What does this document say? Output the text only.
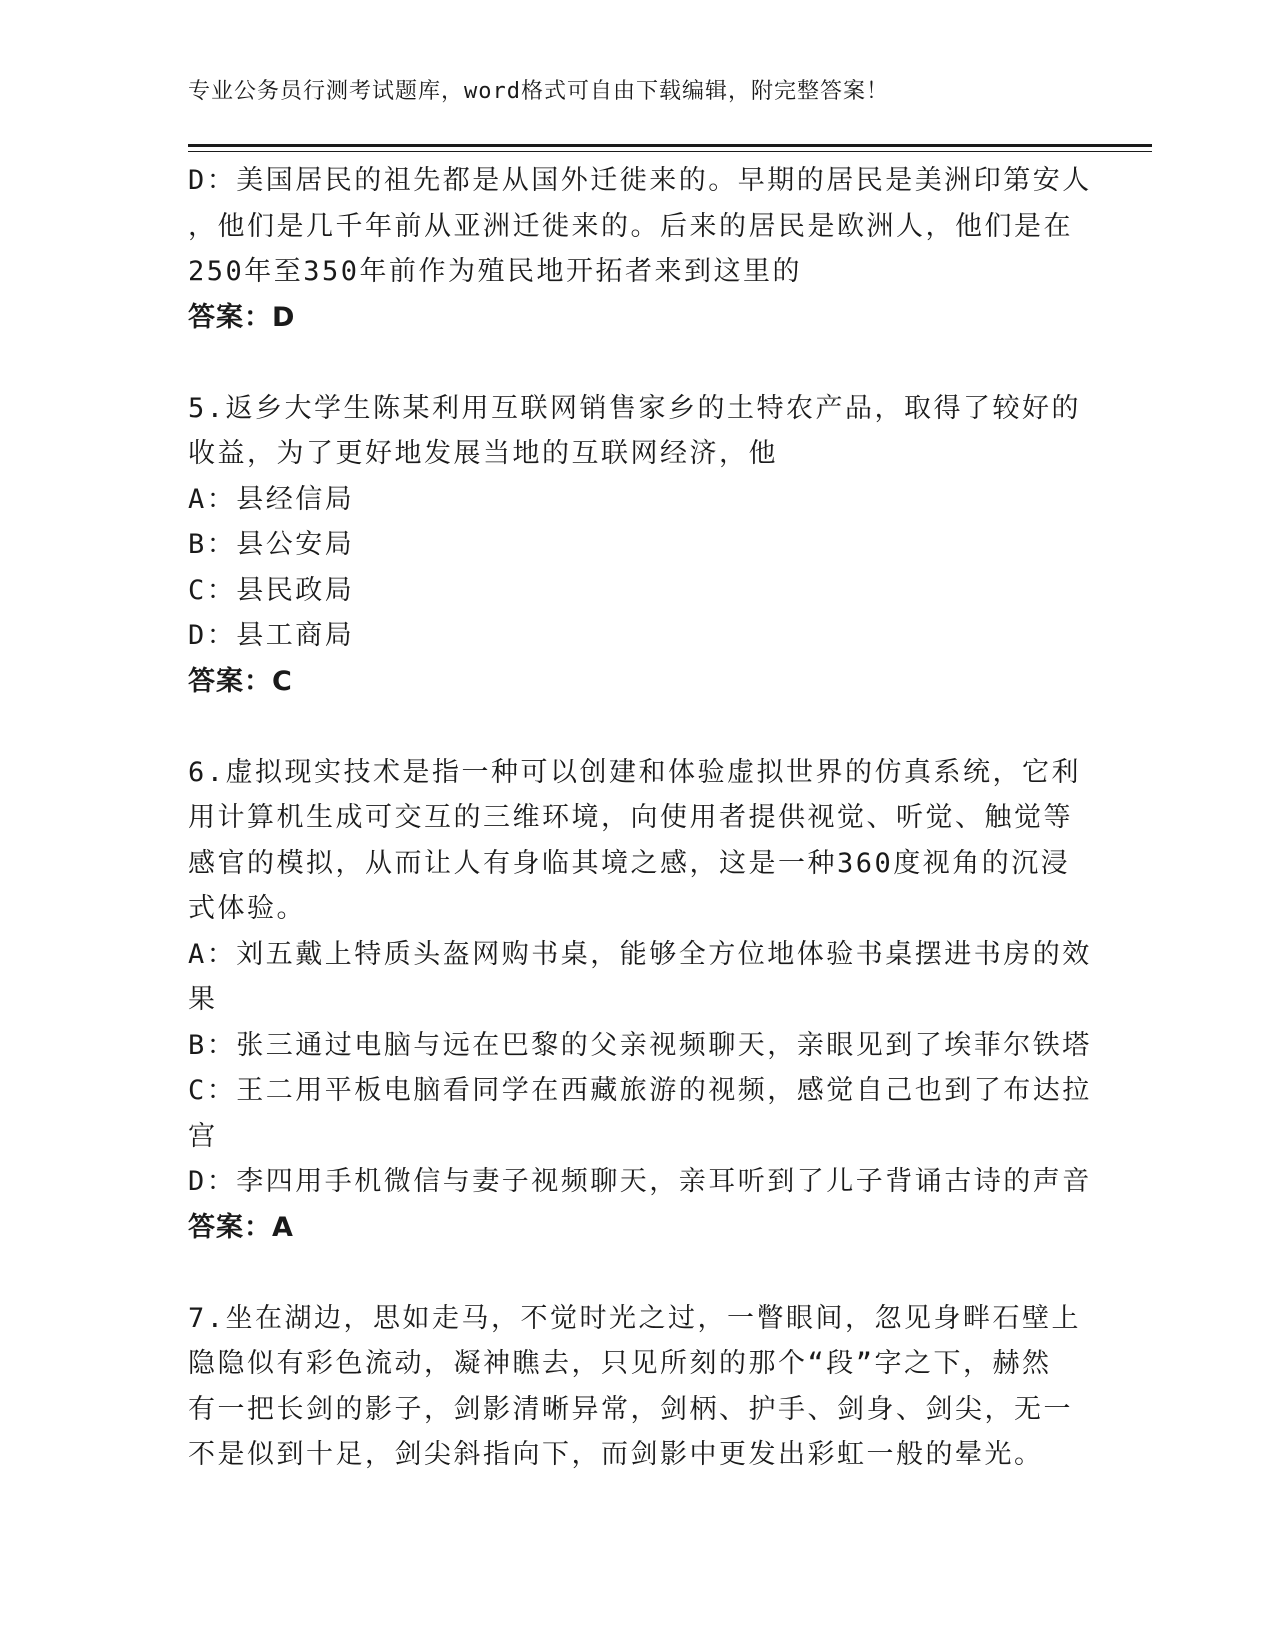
专业公务员行测考试题库，word格式可自由下载编辑，附完整答案！
D：美国居民的祖先都是从国外迁徙来的。早期的居民是美洲印第安人
，他们是几千年前从亚洲迁徙来的。后来的居民是欧洲人，他们是在
250年至350年前作为殖民地开拓者来到这里的
答案：D
5.返乡大学生陈某利用互联网销售家乡的土特农产品，取得了较好的
收益，为了更好地发展当地的互联网经济，他
A：县经信局
B：县公安局
C：县民政局
D：县工商局
答案：C
6.虚拟现实技术是指一种可以创建和体验虚拟世界的仿真系统，它利
用计算机生成可交互的三维环境，向使用者提供视觉、听觉、触觉等
感官的模拟，从而让人有身临其境之感，这是一种360度视角的沉浸
式体验。
A：刘五戴上特质头盔网购书桌，能够全方位地体验书桌摆进书房的效
果
B：张三通过电脑与远在巴黎的父亲视频聊天，亲眼见到了埃菲尔铁塔
C：王二用平板电脑看同学在西藏旅游的视频，感觉自己也到了布达拉
宫
D：李四用手机微信与妻子视频聊天，亲耳听到了儿子背诵古诗的声音
答案：A
7.坐在湖边，思如走马，不觉时光之过，一瞥眼间，忽见身畔石壁上
隐隐似有彩色流动，凝神瞧去，只见所刻的那个“段”字之下，赫然
有一把长剑的影子，剑影清晰异常，剑柄、护手、剑身、剑尖，无一
不是似到十足，剑尖斜指向下，而剑影中更发出彩虹一般的晕光。
